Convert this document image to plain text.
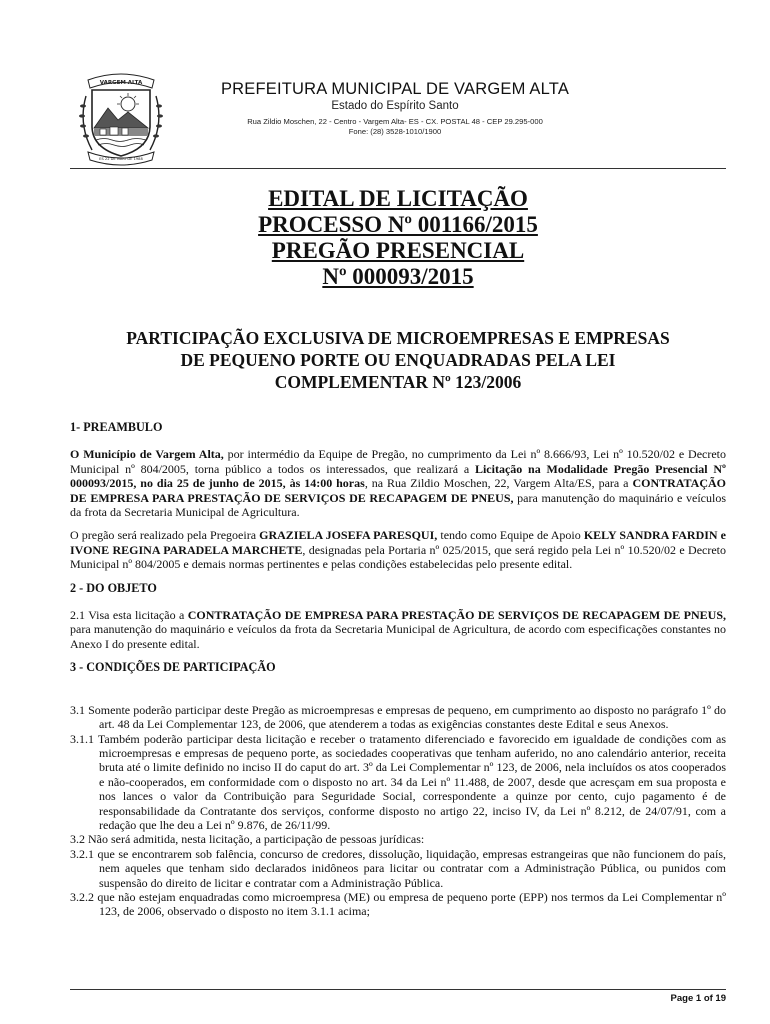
VARGEM ALTA
ES 22 DE MAIO DE 1988
PREFEITURA MUNICIPAL DE VARGEM ALTA
Estado do Espírito Santo
Rua Zildio Moschen, 22 - Centro - Vargem Alta- ES - CX. POSTAL 48 - CEP 29.295-000
Fone: (28) 3528-1010/1900
EDITAL DE LICITAÇÃO
PROCESSO Nº 001166/2015
PREGÃO PRESENCIAL
Nº 000093/2015
PARTICIPAÇÃO EXCLUSIVA DE MICROEMPRESAS E EMPRESAS
DE PEQUENO PORTE OU ENQUADRADAS PELA LEI
COMPLEMENTAR Nº 123/2006
1- PREAMBULO

O Município de Vargem Alta, por intermédio da Equipe de Pregão, no cumprimento da Lei nº 8.666/93, Lei nº 10.520/02 e Decreto Municipal nº 804/2005, torna público a todos os interessados, que realizará a Licitação na Modalidade Pregão Presencial Nº 000093/2015, no dia 25 de junho de 2015, às 14:00 horas, na Rua Zildio Moschen, 22, Vargem Alta/ES, para a CONTRATAÇÃO DE EMPRESA PARA PRESTAÇÃO DE SERVIÇOS DE RECAPAGEM DE PNEUS, para manutenção do maquinário e veículos da frota da Secretaria Municipal de Agricultura.

O pregão será realizado pela Pregoeira GRAZIELA JOSEFA PARESQUI, tendo como Equipe de Apoio KELY SANDRA FARDIN e IVONE REGINA PARADELA MARCHETE, designadas pela Portaria nº 025/2015, que será regido pela Lei nº 10.520/02 e Decreto Municipal nº 804/2005 e demais normas pertinentes e pelas condições estabelecidas pelo presente edital.

2 - DO OBJETO

2.1 Visa esta licitação a CONTRATAÇÃO DE EMPRESA PARA PRESTAÇÃO DE SERVIÇOS DE RECAPAGEM DE PNEUS, para manutenção do maquinário e veículos da frota da Secretaria Municipal de Agricultura, de acordo com especificações constantes no Anexo I do presente edital.

3 - CONDIÇÕES DE PARTICIPAÇÃO

3.1 Somente poderão participar deste Pregão as microempresas e empresas de pequeno, em cumprimento ao disposto no parágrafo 1º do art. 48 da Lei Complementar 123, de 2006, que atenderem a todas as exigências constantes deste Edital e seus Anexos.

3.1.1 Também poderão participar desta licitação e receber o tratamento diferenciado e favorecido em igualdade de condições com as microempresas e empresas de pequeno porte, as sociedades cooperativas que tenham auferido, no ano calendário anterior, receita bruta até o limite definido no inciso II do caput do art. 3º da Lei Complementar nº 123, de 2006, nela incluídos os atos cooperados e não-cooperados, em conformidade com o disposto no art. 34 da Lei nº 11.488, de 2007, desde que acresçam em sua proposta e nos lances o valor da Contribuição para Seguridade Social, correspondente a quinze por cento, cujo pagamento é de responsabilidade da Contratante dos serviços, conforme disposto no artigo 22, inciso IV, da Lei nº 8.212, de 24/07/91, com a redação que lhe deu a Lei nº 9.876, de 26/11/99.

3.2 Não será admitida, nesta licitação, a participação de pessoas jurídicas:

3.2.1 que se encontrarem sob falência, concurso de credores, dissolução, liquidação, empresas estrangeiras que não funcionem do país, nem aqueles que tenham sido declarados inidôneos para licitar ou contratar com a Administração Pública, ou punidos com suspensão do direito de licitar e contratar com a Administração Pública.

3.2.2 que não estejam enquadradas como microempresa (ME) ou empresa de pequeno porte (EPP) nos termos da Lei Complementar nº 123, de 2006, observado o disposto no item 3.1.1 acima;

Page 1 of 19
